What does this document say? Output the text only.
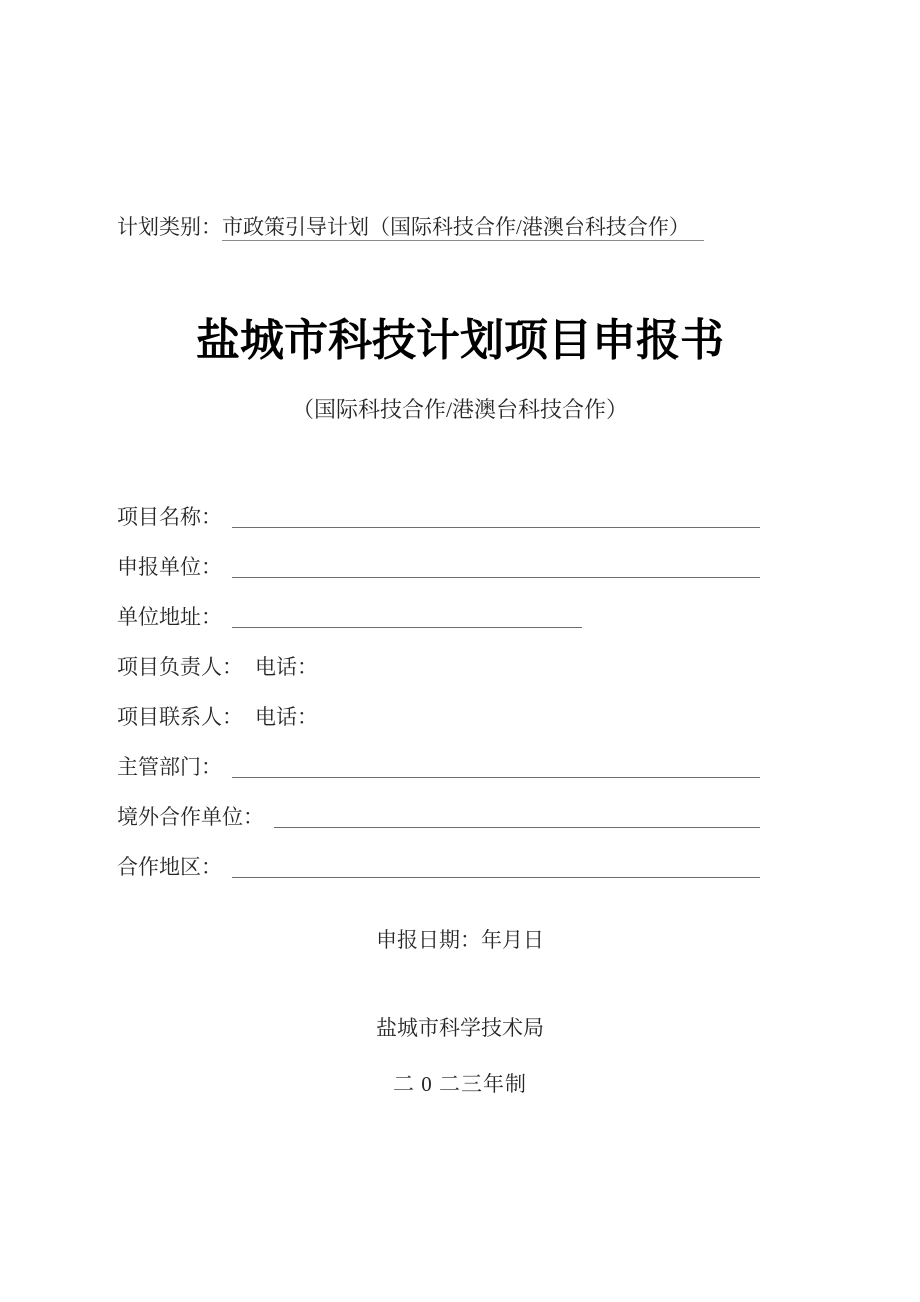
计划类别：市政策引导计划（国际科技合作/港澳台科技合作）
盐城市科技计划项目申报书
（国际科技合作/港澳台科技合作）
项目名称：
申报单位：
单位地址：
项目负责人： 电话：
项目联系人： 电话：
主管部门：
境外合作单位：
合作地区：
申报日期：年月日
盐城市科学技术局
二 0 二三年制
